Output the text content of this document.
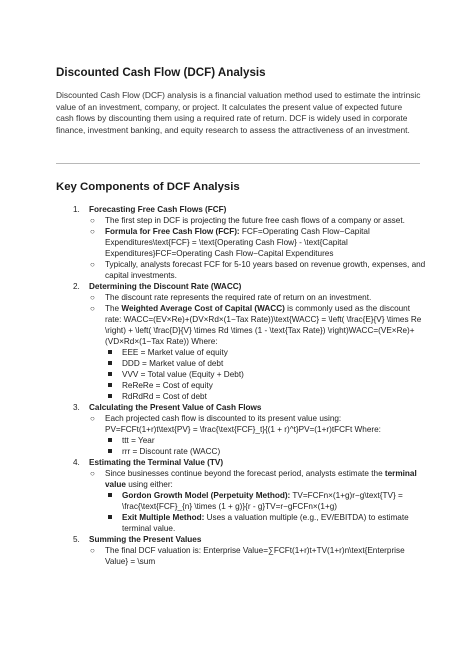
Discounted Cash Flow (DCF) Analysis

Discounted Cash Flow (DCF) analysis is a financial valuation method used to estimate the intrinsic value of an investment, company, or project. It calculates the present value of expected future cash flows by discounting them using a required rate of return. DCF is widely used in corporate finance, investment banking, and equity research to assess the attractiveness of an investment.

Key Components of DCF Analysis
1. Forecasting Free Cash Flows (FCF)
○ The first step in DCF is projecting the future free cash flows of a company or asset.
○ Formula for Free Cash Flow (FCF): FCF=Operating Cash Flow−Capital Expenditures\text{FCF} = \text{Operating Cash Flow} - \text{Capital Expenditures}FCF=Operating Cash Flow−Capital Expenditures
○ Typically, analysts forecast FCF for 5-10 years based on revenue growth, expenses, and capital investments.
2. Determining the Discount Rate (WACC)
○ The discount rate represents the required rate of return on an investment.
○ The Weighted Average Cost of Capital (WACC) is commonly used as the discount rate: WACC=(EV×Re)+(DV×Rd×(1−Tax Rate))\text{WACC} = \left( \frac{E}{V} \times Re \right) + \left( \frac{D}{V} \times Rd \times (1 - \text{Tax Rate}) \right)WACC=(VE​×Re)+(VD​×Rd×(1−Tax Rate)) Where:
EEE = Market value of equity
DDD = Market value of debt
VVV = Total value (Equity + Debt)
ReReRe = Cost of equity
RdRdRd = Cost of debt
3. Calculating the Present Value of Cash Flows
○ Each projected cash flow is discounted to its present value using: PV=FCFt(1+r)t\text{PV} = \frac{\text{FCF}_t}{(1 + r)^t}PV=(1+r)tFCFt​​ Where:
ttt = Year
rrr = Discount rate (WACC)
4. Estimating the Terminal Value (TV)
○ Since businesses continue beyond the forecast period, analysts estimate the terminal value using either:
Gordon Growth Model (Perpetuity Method): TV=FCFn×(1+g)r−g\text{TV} = \frac{\text{FCF}_{n} \times (1 + g)}{r - g}TV=r−gFCFn​×(1+g)​
Exit Multiple Method: Uses a valuation multiple (e.g., EV/EBITDA) to estimate terminal value.
5. Summing the Present Values
○ The final DCF valuation is: Enterprise Value=∑FCFt(1+r)t+TV(1+r)n\text{Enterprise Value} = \sum
